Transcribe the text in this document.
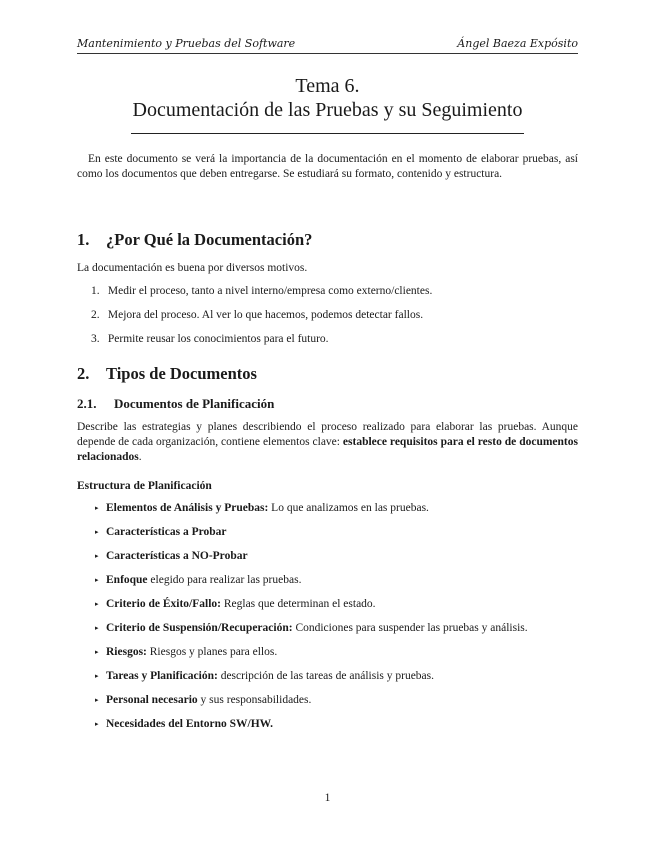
Mantenimiento y Pruebas del Software	Ángel Baeza Expósito
Tema 6.
Documentación de las Pruebas y su Seguimiento
En este documento se verá la importancia de la documentación en el momento de elaborar pruebas, así como los documentos que deben entregarse. Se estudiará su formato, contenido y estructura.
1. ¿Por Qué la Documentación?
La documentación es buena por diversos motivos.
1. Medir el proceso, tanto a nivel interno/empresa como externo/clientes.
2. Mejora del proceso. Al ver lo que hacemos, podemos detectar fallos.
3. Permite reusar los conocimientos para el futuro.
2. Tipos de Documentos
2.1. Documentos de Planificación
Describe las estrategias y planes describiendo el proceso realizado para elaborar las pruebas. Aunque depende de cada organización, contiene elementos clave: establece requisitos para el resto de documentos relacionados.
Estructura de Planificación
▸ Elementos de Análisis y Pruebas: Lo que analizamos en las pruebas.
▸ Características a Probar
▸ Características a NO-Probar
▸ Enfoque elegido para realizar las pruebas.
▸ Criterio de Éxito/Fallo: Reglas que determinan el estado.
▸ Criterio de Suspensión/Recuperación: Condiciones para suspender las pruebas y análisis.
▸ Riesgos: Riesgos y planes para ellos.
▸ Tareas y Planificación: descripción de las tareas de análisis y pruebas.
▸ Personal necesario y sus responsabilidades.
▸ Necesidades del Entorno SW/HW.
1
